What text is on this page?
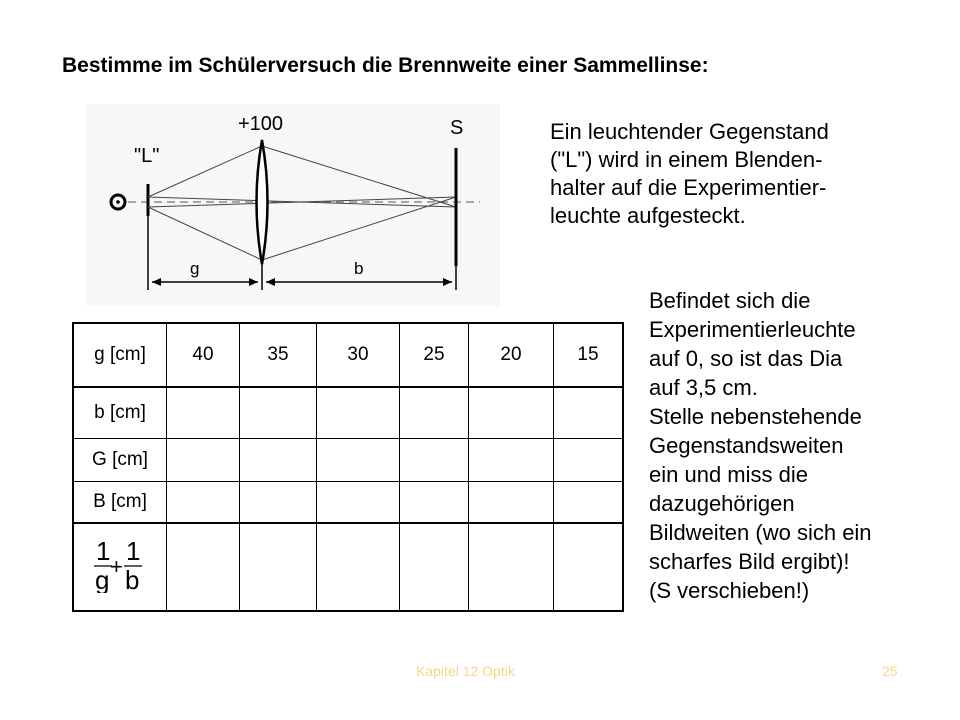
Bestimme im Schülerversuch die Brennweite einer Sammellinse:
+100
"L"
S
g	b
Ein leuchtender Gegenstand
("L") wird in einem Blenden-
halter auf die Experimentier-
leuchte aufgesteckt.
Befindet sich die
Experimentierleuchte
auf 0, so ist das Dia
auf 3,5 cm.
Stelle nebenstehende
Gegenstandsweiten
ein und miss die
dazugehörigen
Bildweiten (wo sich ein
scharfes Bild ergibt)!
(S verschieben!)
g [cm]	40	35	30	25	20	15
b [cm]						
G [cm]						
B [cm]						

1 1
+
g b						

Kapitel 12 Optik	25
